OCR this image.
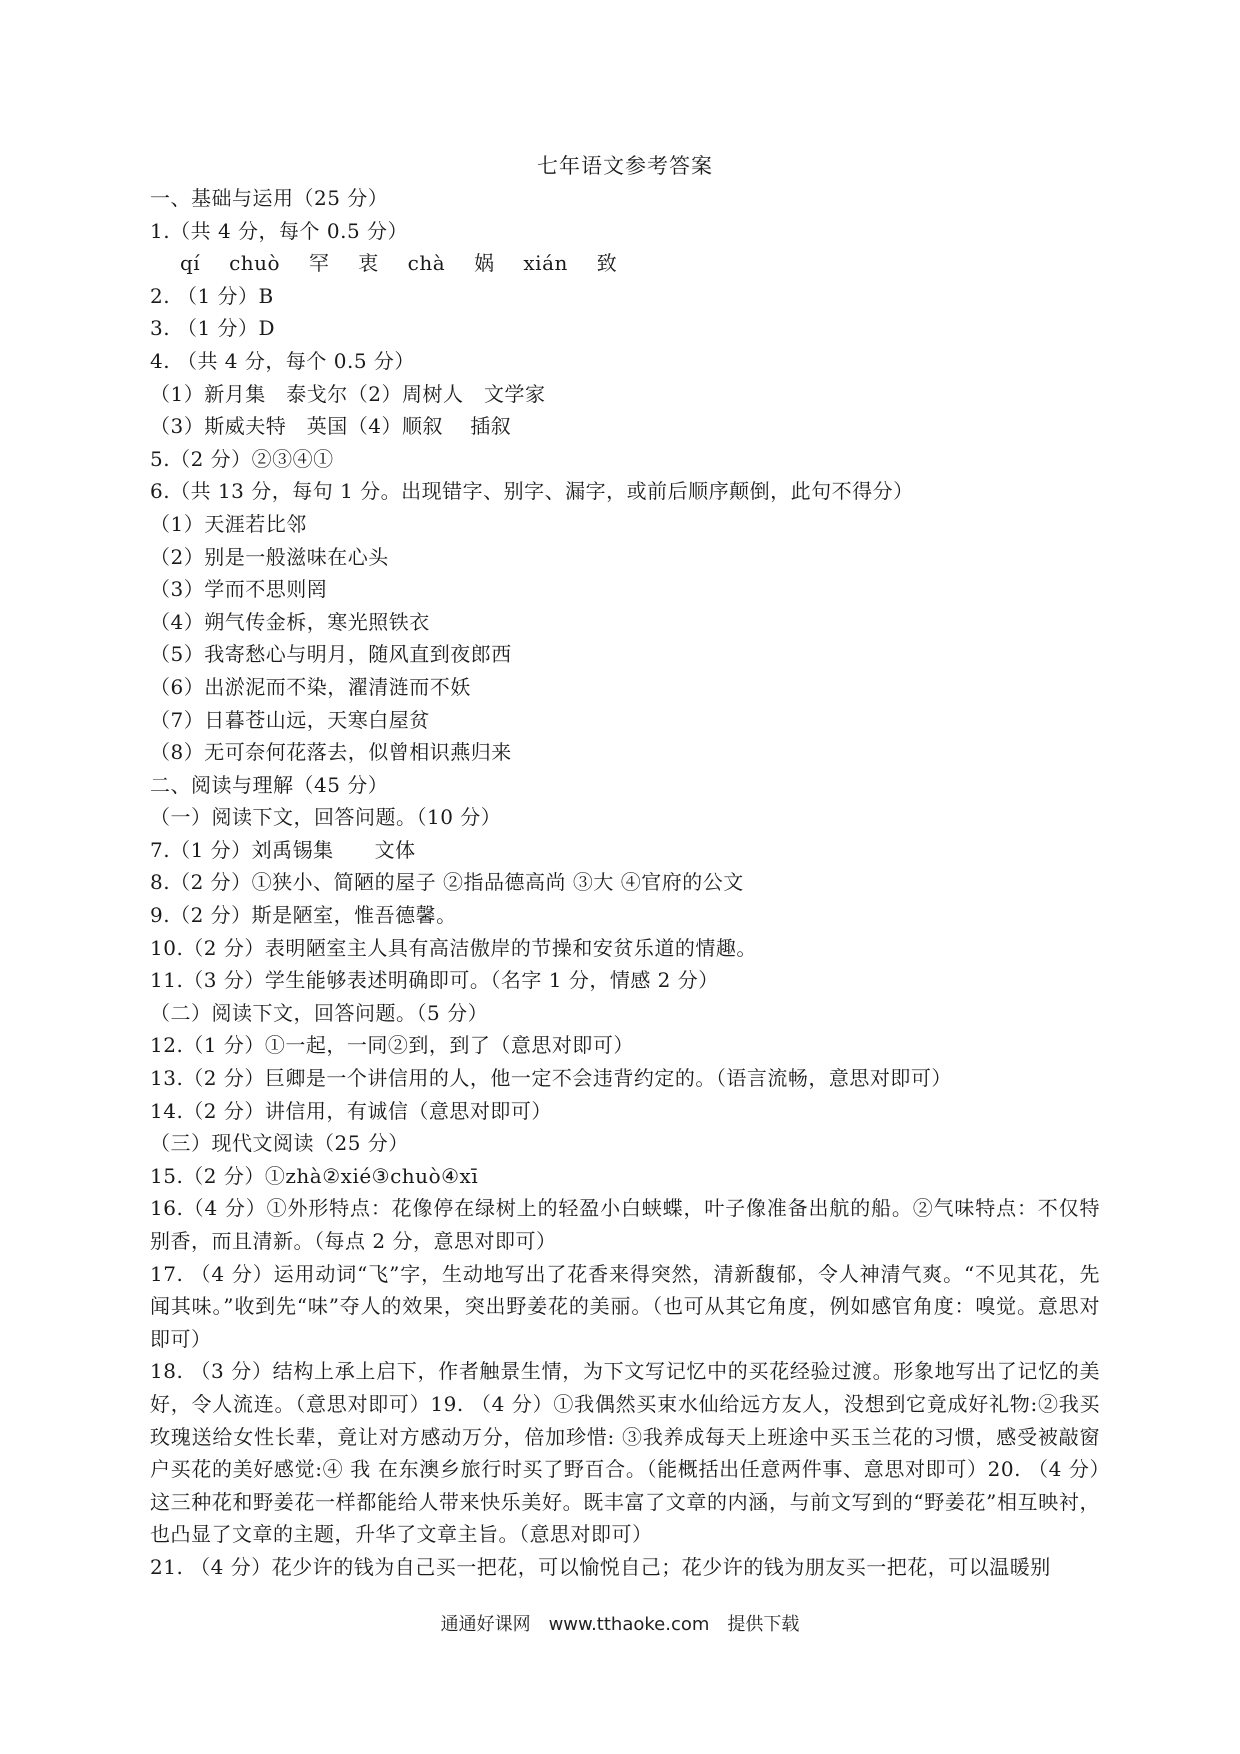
七年语文参考答案
一、基础与运用（25 分）
1.（共 4 分，每个 0.5 分）
qí chuò 罕 衷 chà 娲 xián 致
2. （1 分）B
3. （1 分）D
4. （共 4 分，每个 0.5 分）
（1）新月集　泰戈尔（2）周树人　文学家
（3）斯威夫特　英国（4）顺叙　 插叙
5.（2 分）②③④①
6.（共 13 分，每句 1 分。出现错字、别字、漏字，或前后顺序颠倒，此句不得分）
（1）天涯若比邻
（2）别是一般滋味在心头
（3）学而不思则罔
（4）朔气传金柝，寒光照铁衣
（5）我寄愁心与明月，随风直到夜郎西
（6）出淤泥而不染，濯清涟而不妖
（7）日暮苍山远，天寒白屋贫
（8）无可奈何花落去，似曾相识燕归来
二、阅读与理解（45 分）
（一）阅读下文，回答问题。（10 分）
7.（1 分）刘禹锡集　　文体
8.（2 分）①狭小、简陋的屋子 ②指品德高尚 ③大 ④官府的公文
9.（2 分）斯是陋室，惟吾德馨。
10.（2 分）表明陋室主人具有高洁傲岸的节操和安贫乐道的情趣。
11.（3 分）学生能够表述明确即可。（名字 1 分，情感 2 分）
（二）阅读下文，回答问题。（5 分）
12.（1 分）①一起，一同②到，到了（意思对即可）
13.（2 分）巨卿是一个讲信用的人，他一定不会违背约定的。（语言流畅，意思对即可）
14.（2 分）讲信用，有诚信（意思对即可）
（三）现代文阅读（25 分）
15.（2 分）①zhà②xié③chuò④xī
16.（4 分）①外形特点：花像停在绿树上的轻盈小白蛱蝶，叶子像准备出航的船。②气味特点：不仅特别香，而且清新。（每点 2 分，意思对即可）
17. （4 分）运用动词“飞”字，生动地写出了花香来得突然，清新馥郁，令人神清气爽。“不见其花，先闻其味。”收到先“味”夺人的效果，突出野姜花的美丽。（也可从其它角度，例如感官角度：嗅觉。意思对即可）
18. （3 分）结构上承上启下，作者触景生情，为下文写记忆中的买花经验过渡。形象地写出了记忆的美好，令人流连。（意思对即可）19. （4 分）①我偶然买束水仙给远方友人，没想到它竟成好礼物:②我买玫瑰送给女性长辈，竟让对方感动万分，倍加珍惜: ③我养成每天上班途中买玉兰花的习惯，感受被敲窗户买花的美好感觉:④ 我 在东澳乡旅行时买了野百合。（能概括出任意两件事、意思对即可）20. （4 分）这三种花和野姜花一样都能给人带来快乐美好。既丰富了文章的内涵，与前文写到的“野姜花”相互映衬，也凸显了文章的主题，升华了文章主旨。（意思对即可）
21. （4 分）花少许的钱为自己买一把花，可以愉悦自己；花少许的钱为朋友买一把花，可以温暖别
通通好课网　www.tthaoke.com　提供下载
